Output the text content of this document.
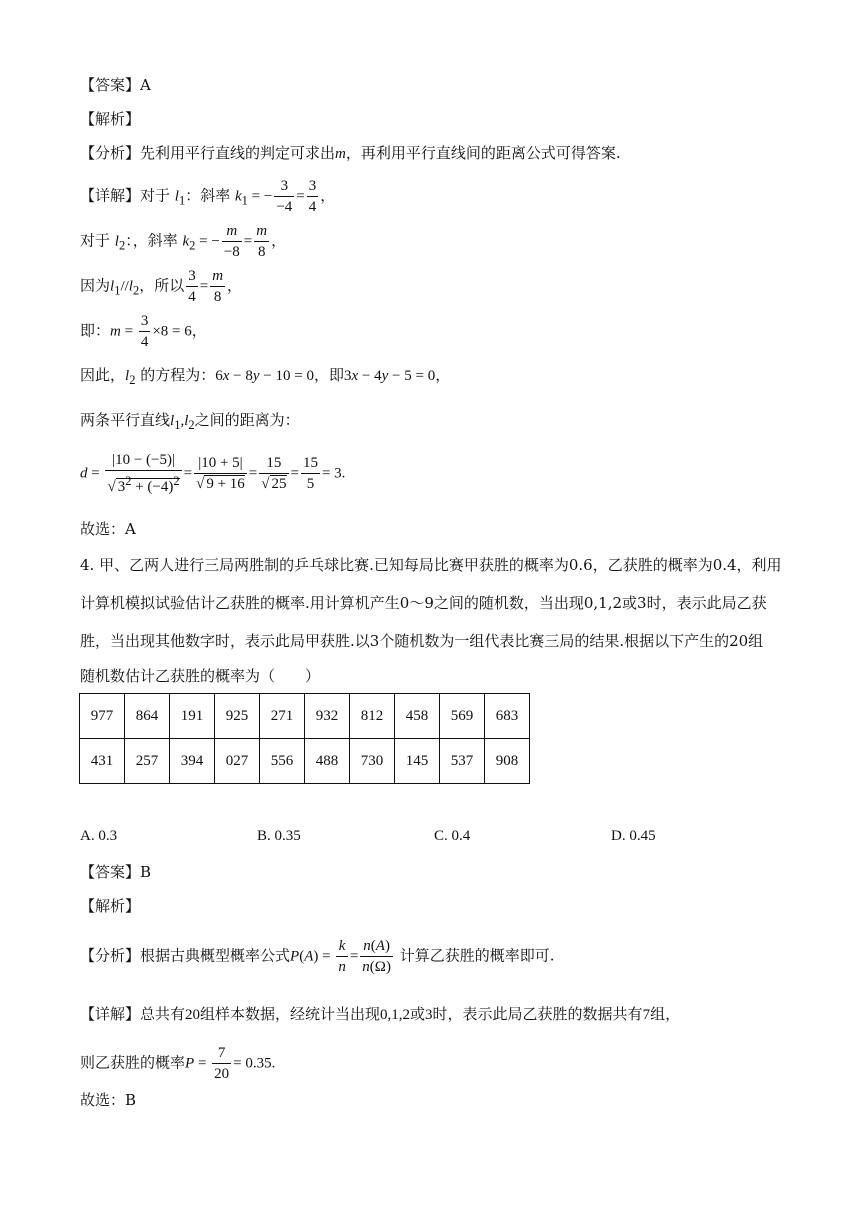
【答案】A
【解析】
【分析】先利用平行直线的判定可求出m，再利用平行直线间的距离公式可得答案.
【详解】对于 $l_1$：斜率 $k_1$ = − $\frac{3}{-4} = \frac{3}{4}$ ，
对于 $l_2$：，斜率 $k_2$ = − $\frac{m}{-8} = \frac{m}{8}$ ，
因为$l_1//l_2$，所以 $\frac{3}{4} = \frac{m}{8}$ ，
即：$m = \frac{3}{4} \times 8 = 6$，
因此，$l_2$ 的方程为：6x − 8y − 10 = 0，即3x − 4y − 5 = 0，
两条平行直线$l_1,l_2$之间的距离为：
$d = \frac{|10 - (-5)|}{√ 3^2 + (-4)^2} = \frac{|10 + 5|}{√ 9 + 16} = \frac{15}{√ 25} = \frac{15}{5} = 3$.
故选：A
4. 甲、乙两人进行三局两胜制的乒乓球比赛.已知每局比赛甲获胜的概率为0.6，乙获胜的概率为0.4，利用
计算机模拟试验估计乙获胜的概率.用计算机产生0～9之间的随机数，当出现0,1,2或3时，表示此局乙获
胜，当出现其他数字时，表示此局甲获胜.以3个随机数为一组代表比赛三局的结果.根据以下产生的20组
随机数估计乙获胜的概率为（　　）
977	864	191	925	271	932	812	458	569	683
431	257	394	027	556	488	730	145	537	908
A. 0.3	B. 0.35	C. 0.4	D. 0.45
【答案】B
【解析】
【分析】根据古典概型概率公式$P(A) = \frac{k}{n} = \frac{n(A)}{n(\Omega)}$ 计算乙获胜的概率即可.
【详解】总共有20组样本数据，经统计当出现0,1,2或3时，表示此局乙获胜的数据共有7组，
则乙获胜的概率$P = \frac{7}{20} = 0.35$.
故选：B
